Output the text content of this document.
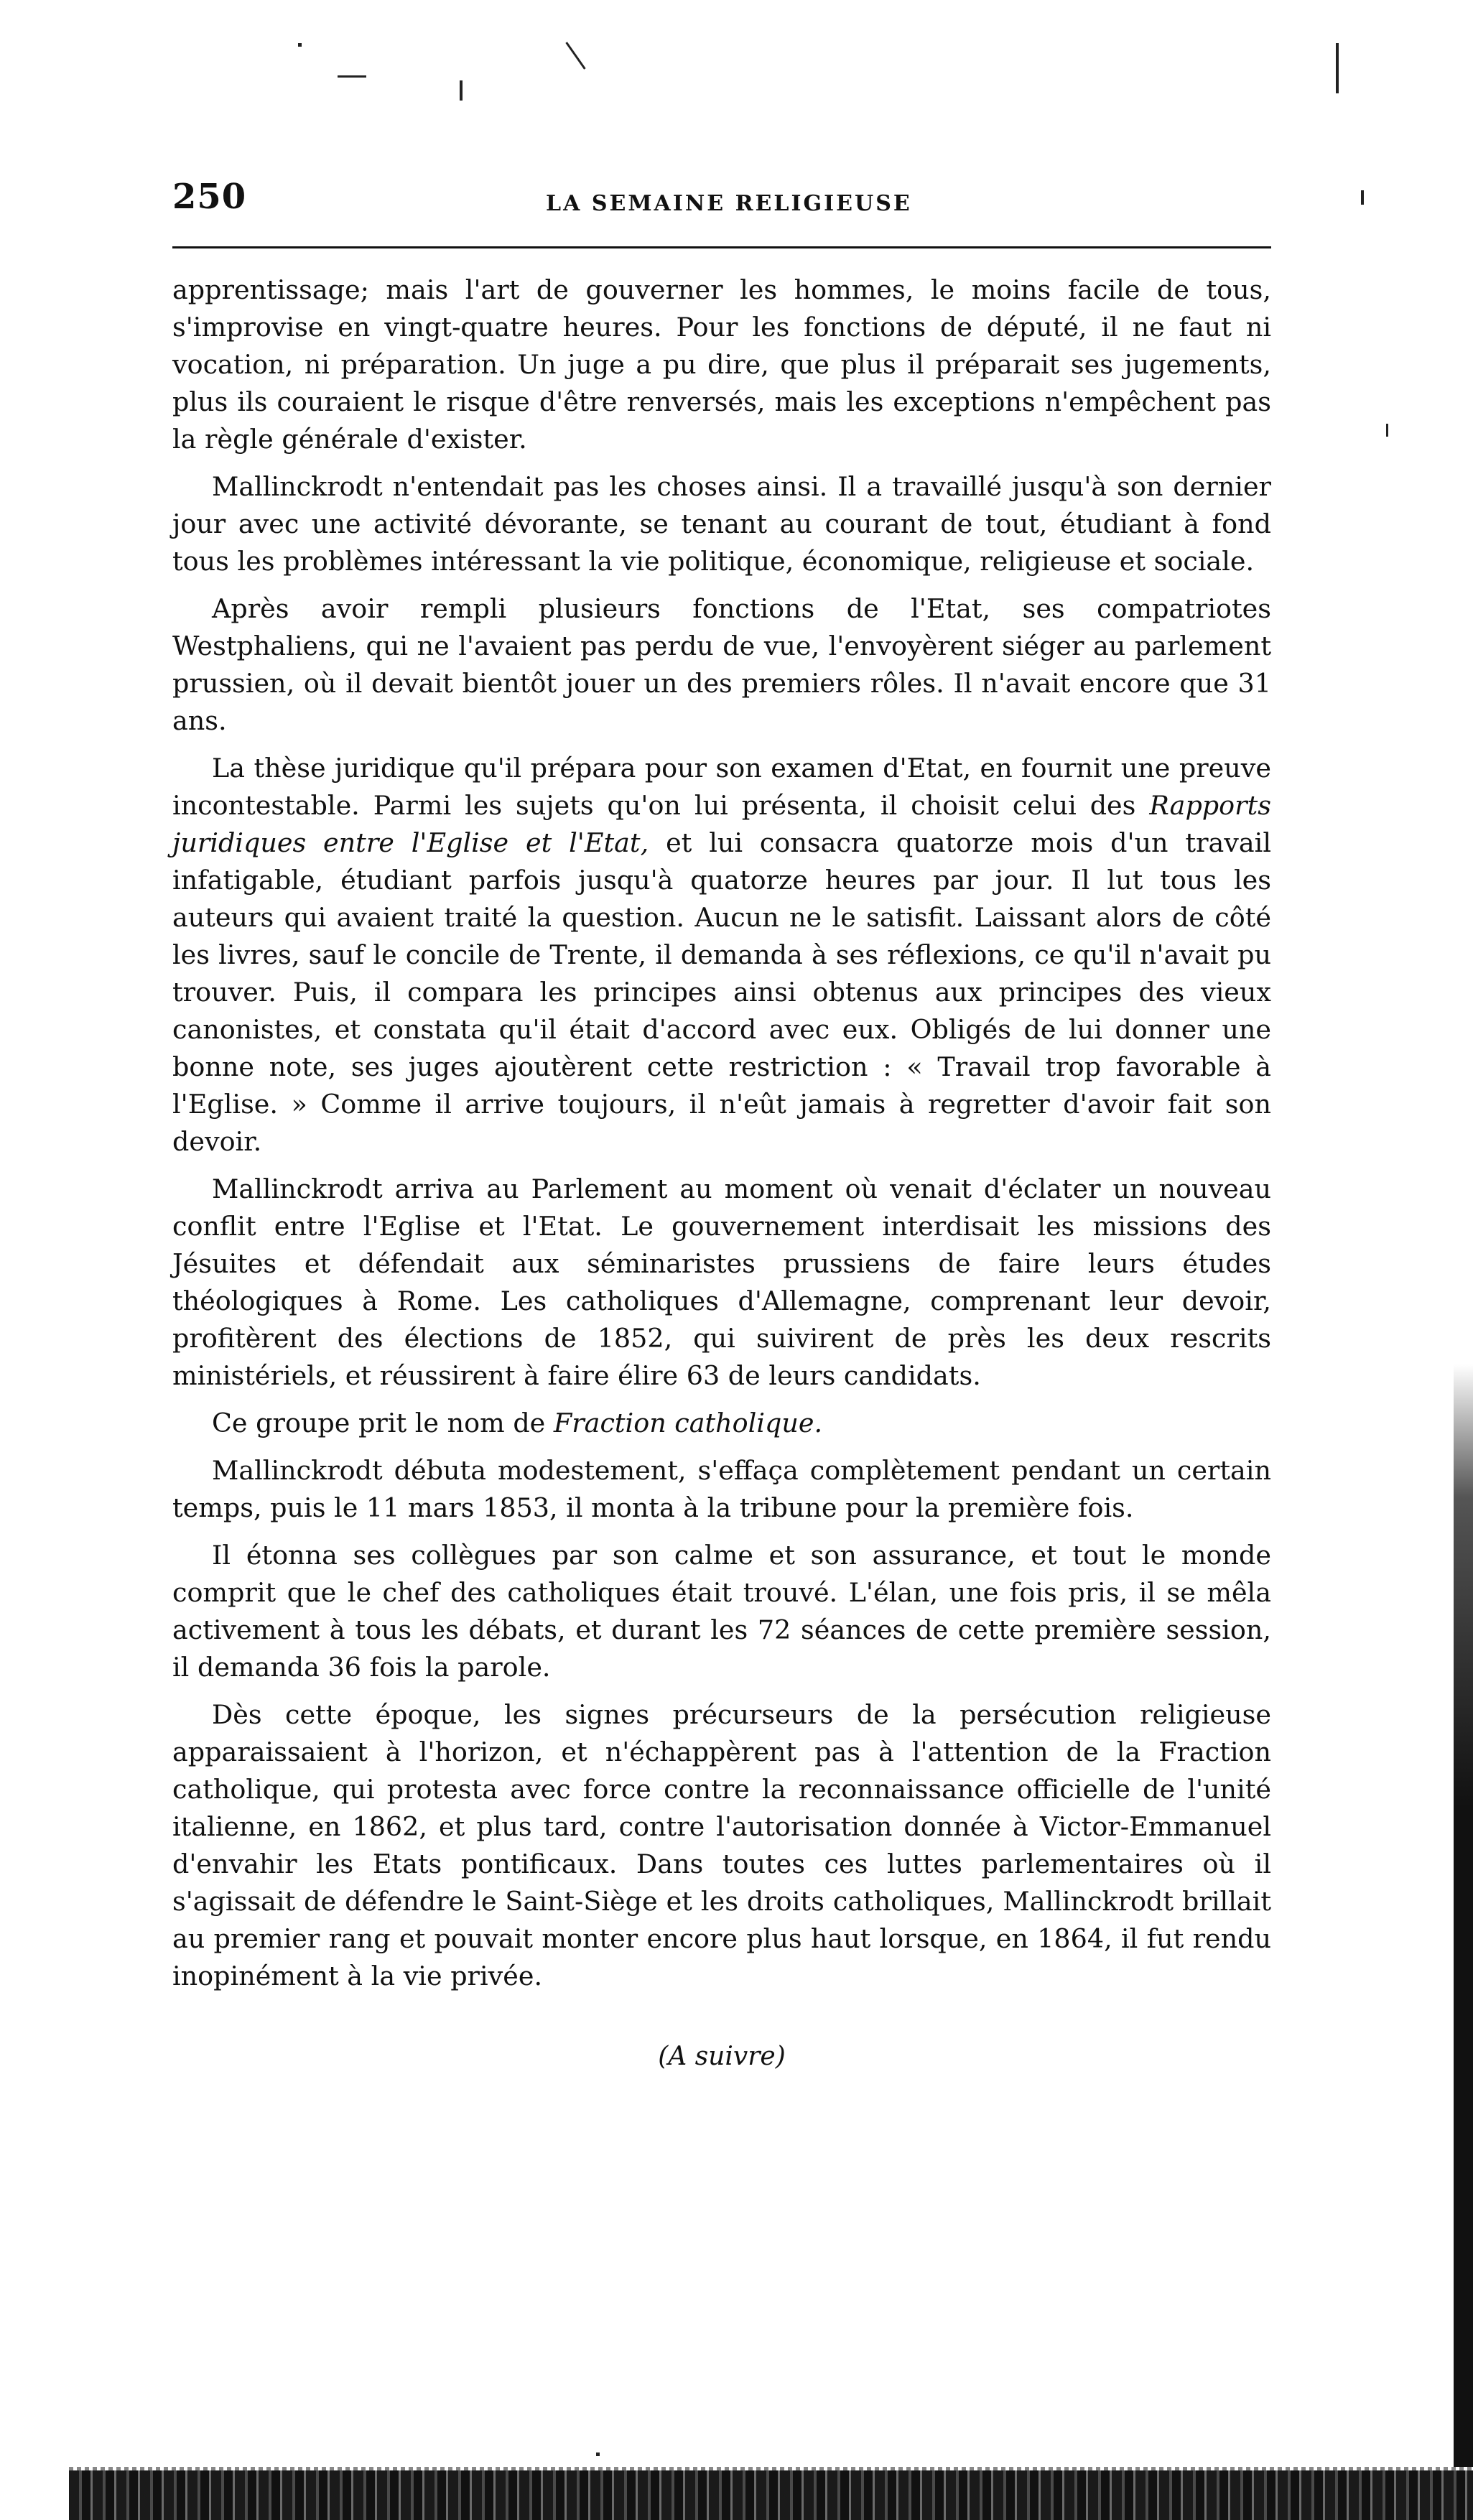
250	LA SEMAINE RELIGIEUSE

apprentissage; mais l'art de gouverner les hommes, le moins facile de tous, s'improvise en vingt-quatre heures. Pour les fonctions de député, il ne faut ni vocation, ni préparation. Un juge a pu dire, que plus il préparait ses jugements, plus ils couraient le risque d'être renversés, mais les exceptions n'empêchent pas la règle générale d'exister.

Mallinckrodt n'entendait pas les choses ainsi. Il a travaillé jusqu'à son dernier jour avec une activité dévorante, se tenant au courant de tout, étudiant à fond tous les problèmes intéressant la vie politique, économique, religieuse et sociale.

Après avoir rempli plusieurs fonctions de l'Etat, ses compatriotes Westphaliens, qui ne l'avaient pas perdu de vue, l'envoyèrent siéger au parlement prussien, où il devait bientôt jouer un des premiers rôles. Il n'avait encore que 31 ans.

La thèse juridique qu'il prépara pour son examen d'Etat, en fournit une preuve incontestable. Parmi les sujets qu'on lui présenta, il choisit celui des Rapports juridiques entre l'Eglise et l'Etat, et lui consacra quatorze mois d'un travail infatigable, étudiant parfois jusqu'à quatorze heures par jour. Il lut tous les auteurs qui avaient traité la question. Aucun ne le satisfit. Laissant alors de côté les livres, sauf le concile de Trente, il demanda à ses réflexions, ce qu'il n'avait pu trouver. Puis, il compara les principes ainsi obtenus aux principes des vieux canonistes, et constata qu'il était d'accord avec eux. Obligés de lui donner une bonne note, ses juges ajoutèrent cette restriction : « Travail trop favorable à l'Eglise. » Comme il arrive toujours, il n'eût jamais à regretter d'avoir fait son devoir.

Mallinckrodt arriva au Parlement au moment où venait d'éclater un nouveau conflit entre l'Eglise et l'Etat. Le gouvernement interdisait les missions des Jésuites et défendait aux séminaristes prussiens de faire leurs études théologiques à Rome. Les catholiques d'Allemagne, comprenant leur devoir, profitèrent des élections de 1852, qui suivirent de près les deux rescrits ministériels, et réussirent à faire élire 63 de leurs candidats.

Ce groupe prit le nom de Fraction catholique.

Mallinckrodt débuta modestement, s'effaça complètement pendant un certain temps, puis le 11 mars 1853, il monta à la tribune pour la première fois.

Il étonna ses collègues par son calme et son assurance, et tout le monde comprit que le chef des catholiques était trouvé. L'élan, une fois pris, il se mêla activement à tous les débats, et durant les 72 séances de cette première session, il demanda 36 fois la parole.

Dès cette époque, les signes précurseurs de la persécution religieuse apparaissaient à l'horizon, et n'échappèrent pas à l'attention de la Fraction catholique, qui protesta avec force contre la reconnaissance officielle de l'unité italienne, en 1862, et plus tard, contre l'autorisation donnée à Victor-Emmanuel d'envahir les Etats pontificaux. Dans toutes ces luttes parlementaires où il s'agissait de défendre le Saint-Siège et les droits catholiques, Mallinckrodt brillait au premier rang et pouvait monter encore plus haut lorsque, en 1864, il fut rendu inopinément à la vie privée.

(A suivre)
